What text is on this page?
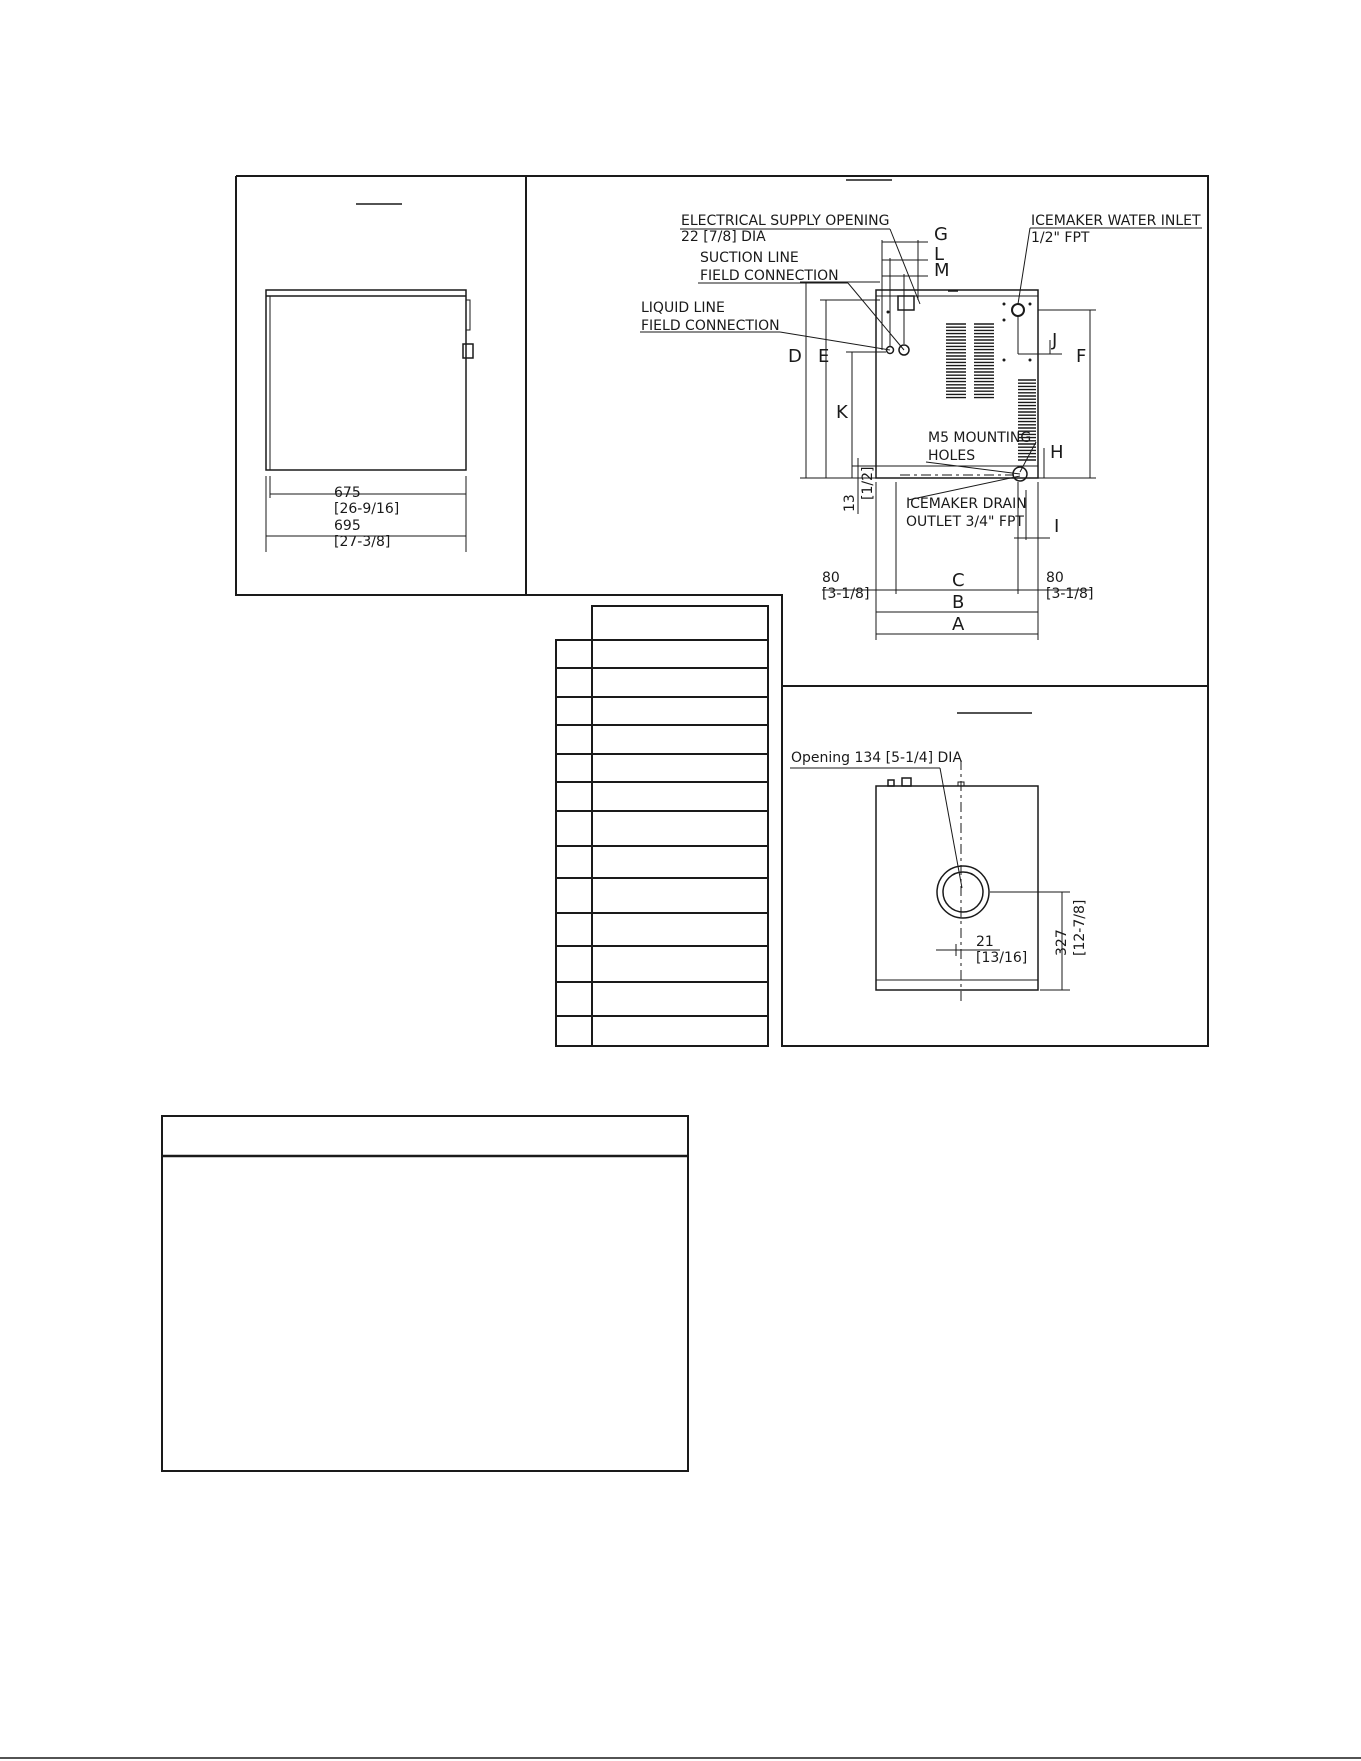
675
[26-9/16]
695
[27-3/8]
ELECTRICAL SUPPLY OPENING
22 [7/8] DIA
SUCTION LINE
FIELD CONNECTION
LIQUID LINE
FIELD CONNECTION
ICEMAKER WATER INLET
1/2" FPT
M5 MOUNTING
HOLES
ICEMAKER DRAIN
OUTLET 3/4" FPT
G
L
M
D E	F
J
K
H
I
C
B
A
13
[1/2]
80
[3-1/8]
80
[3-1/8]
Opening 134 [5-1/4] DIA
21
[13/16]
327 [12-7/8]
